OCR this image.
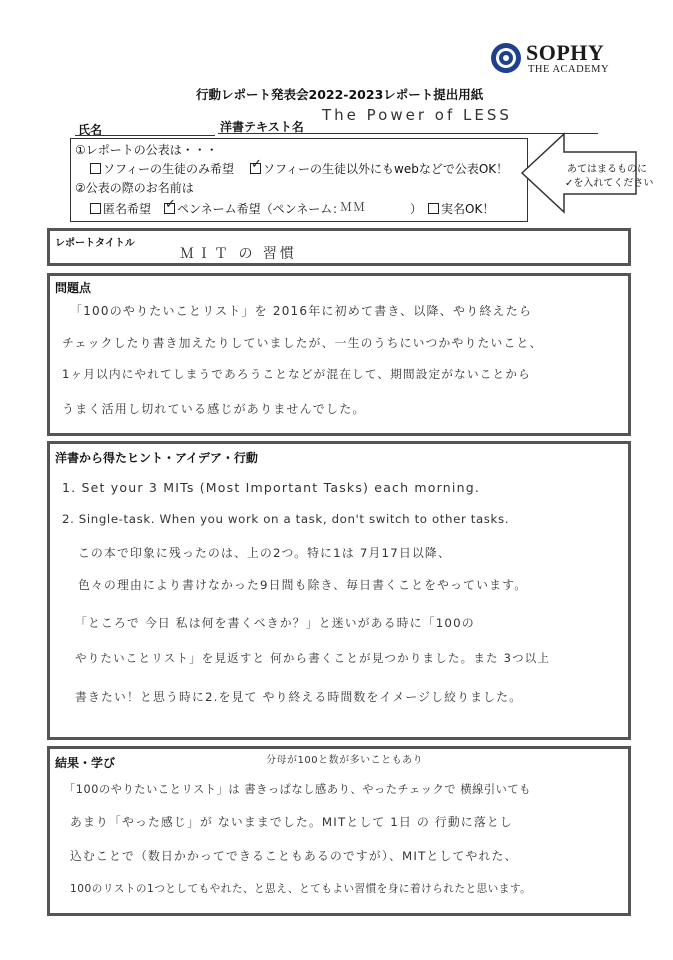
SOPHY
THE ACADEMY
行動レポート発表会2022-2023レポート提出用紙
氏名	洋書テキスト名
The Power of LESS
①レポートの公表は・・・
ソフィーの生徒のみ希望 ✓	ソフィーの生徒以外にもwebなどで公表OK！
②公表の際のお名前は
匿名希望 ✓	ペンネーム希望（ペンネーム：
ＭＭ	）	実名OK！
あてはまるものに
✓を入れてください
レポートタイトル
ＭＩＴ の 習慣
問題点
「100のやりたいことリスト」を 2016年に初めて書き、以降、やり終えたら
チェックしたり書き加えたりしていましたが、一生のうちにいつかやりたいこと、
1ヶ月以内にやれてしまうであろうことなどが混在して、期間設定がないことから
うまく活用し切れている感じがありませんでした。
洋書から得たヒント・アイデア・行動
1. Set your 3 MITs (Most Important Tasks) each morning.
2. Single-task. When you work on a task, don't switch to other tasks.
この本で印象に残ったのは、上の2つ。特に1は 7月17日以降、
色々の理由により書けなかった9日間も除き、毎日書くことをやっています。
「ところで 今日 私は何を書くべきか？」と迷いがある時に「100の
やりたいことリスト」を見返すと 何から書くことが見つかりました。また 3つ以上
書きたい！と思う時に2.を見て やり終える時間数をイメージし絞りました。
結果・学び	分母が100と数が多いこともあり
「100のやりたいことリスト」は 書きっぱなし感あり、やったチェックで 横線引いても
あまり「やった感じ」が ないままでした。MITとして 1日 の 行動に落とし
込むことで（数日かかってできることもあるのですが）、MITとしてやれた、
100のリストの1つとしてもやれた、と思え、とてもよい習慣を身に着けられたと思います。
